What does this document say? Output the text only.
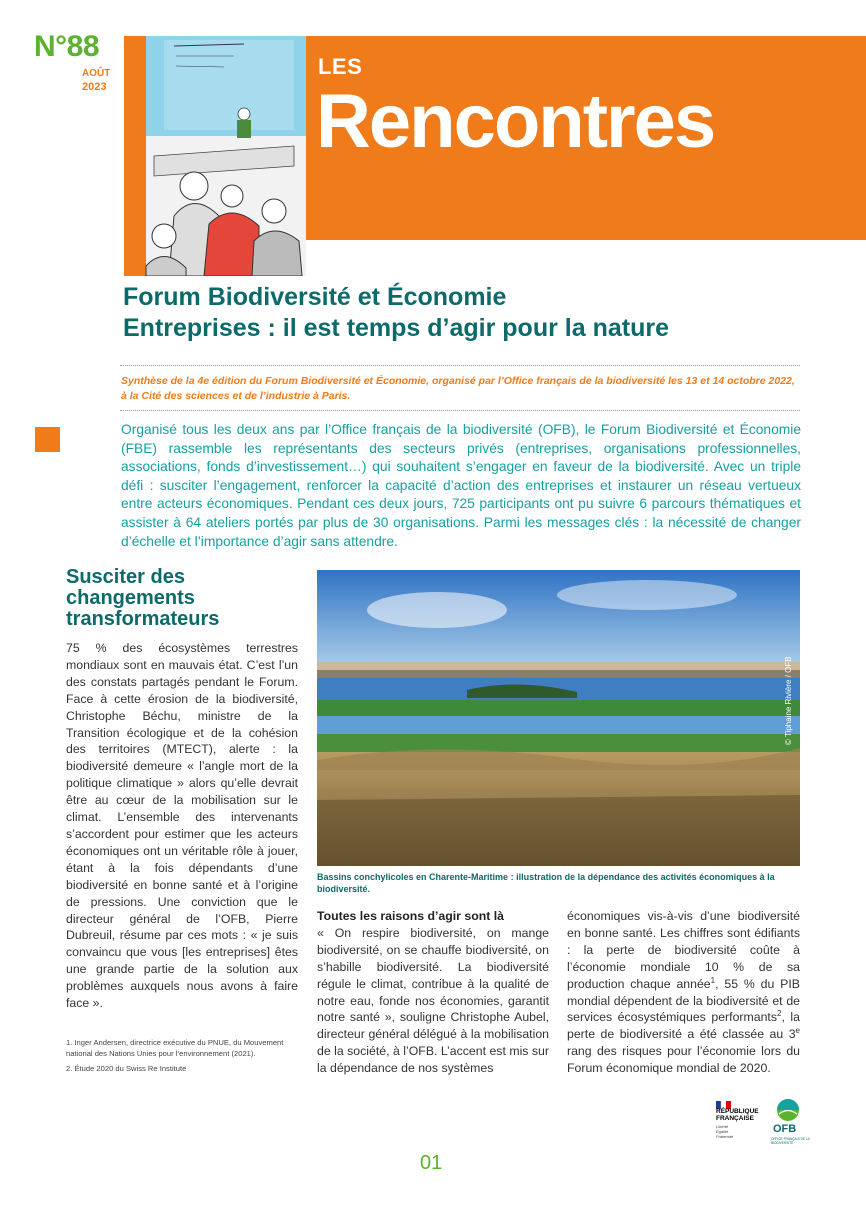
N°88
AOÛT
2023
LES
Rencontres
Forum Biodiversité et Économie
Entreprises : il est temps d’agir pour la nature
Synthèse de la 4e édition du Forum Biodiversité et Économie, organisé par l’Office français de la biodiversité les 13 et 14 octobre 2022,
à la Cité des sciences et de l’industrie à Paris.
Organisé tous les deux ans par l’Office français de la biodiversité (OFB), le Forum Biodiversité et Économie (FBE) rassemble les représentants des secteurs privés (entreprises, organisations professionnelles, associations, fonds d’investissement…) qui souhaitent s’engager en faveur de la biodiversité. Avec un triple défi : susciter l’engagement, renforcer la capacité d’action des entreprises et instaurer un réseau vertueux entre acteurs économiques. Pendant ces deux jours, 725 participants ont pu suivre 6 parcours thématiques et assister à 64 ateliers portés par plus de 30 organisations. Parmi les messages clés : la nécessité de changer d’échelle et l’importance d’agir sans attendre.
Susciter des changements transformateurs
75 % des écosystèmes terrestres mondiaux sont en mauvais état. C’est l’un des constats partagés pendant le Forum. Face à cette érosion de la biodiversité, Christophe Béchu, ministre de la Transition écologique et de la cohésion des territoires (MTECT), alerte : la biodiversité demeure « l’angle mort de la politique climatique » alors qu’elle devrait être au cœur de la mobilisation sur le climat. L’ensemble des intervenants s’accordent pour estimer que les acteurs économiques ont un véritable rôle à jouer, étant à la fois dépendants d’une biodiversité en bonne santé et à l’origine de pressions. Une conviction que le directeur général de l’OFB, Pierre Dubreuil, résume par ces mots : « je suis convaincu que vous [les entreprises] êtes une grande partie de la solution aux problèmes auxquels nous avons à faire face ».

1. Inger Andersen, directrice exécutive du PNUE, du Mouvement national des Nations Unies pour l’environnement (2021).

2. Étude 2020 du Swiss Re Institute

© Tiphaine Rivière / OFB
Bassins conchylicoles en Charente-Maritime : illustration de la dépendance des activités économiques à la biodiversité.
Toutes les raisons d’agir sont là
« On respire biodiversité, on mange biodiversité, on se chauffe biodiversité, on s’habille biodiversité. La biodiversité régule le climat, contribue à la qualité de notre eau, fonde nos économies, garantit notre santé », souligne Christophe Aubel, directeur général délégué à la mobilisation de la société, à l’OFB. L’accent est mis sur la dépendance de nos systèmes
économiques vis-à-vis d’une biodiversité en bonne santé. Les chiffres sont édifiants : la perte de biodiversité coûte à l’économie mondiale 10 % de sa production chaque année$^1$, 55 % du PIB mondial dépendent de la biodiversité et de services écosystémiques performants$^2$, la perte de biodiversité a été classée au 3e rang des risques pour l’économie lors du Forum économique mondial de 2020.
RÉPUBLIQUE
FRANÇAISE
Liberté
Égalité
Fraternité
OFB
OFFICE FRANÇAIS DE LA BIODIVERSITÉ
01
